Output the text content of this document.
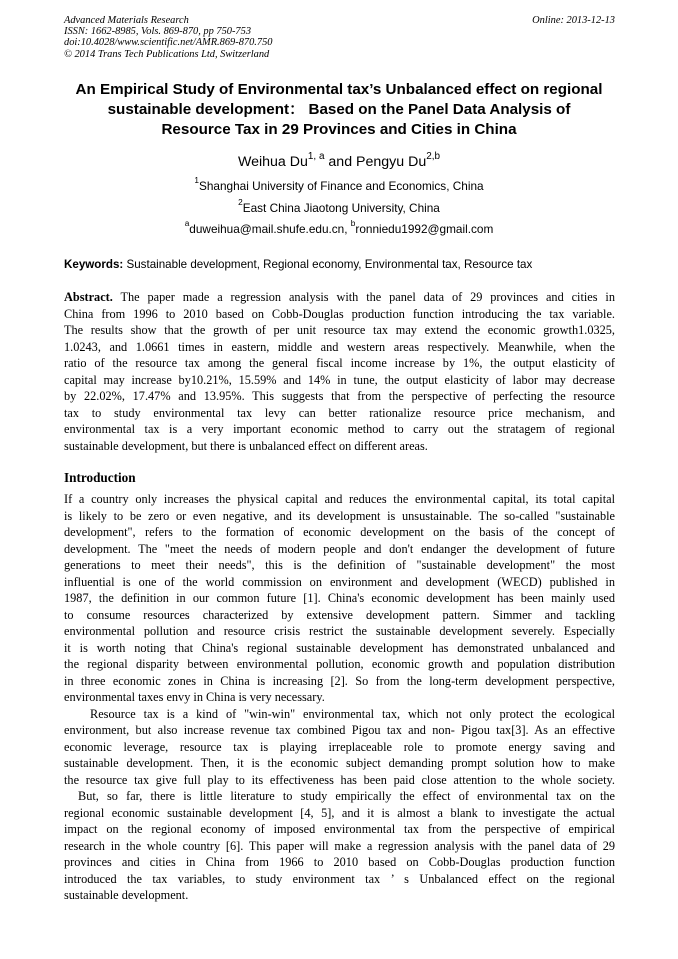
Advanced Materials Research
ISSN: 1662-8985, Vols. 869-870, pp 750-753
doi:10.4028/www.scientific.net/AMR.869-870.750
© 2014 Trans Tech Publications Ltd, Switzerland
Online: 2013-12-13
An Empirical Study of Environmental tax’s Unbalanced effect on regional
sustainable development： Based on the Panel Data Analysis of
Resource Tax in 29 Provinces and Cities in China
Weihua Du$^{1, a}$ and Pengyu Du$^{2,b}$
$^1$Shanghai University of Finance and Economics, China
$^2$East China Jiaotong University, China
$^a$duweihua@mail.shufe.edu.cn, $^b$ronniedu1992@gmail.com
Keywords: Sustainable development, Regional economy, Environmental tax, Resource tax
Abstract. The paper made a regression analysis with the panel data of 29 provinces and cities in
China from 1996 to 2010 based on Cobb-Douglas production function introducing the tax variable.
The results show that the growth of per unit resource tax may extend the economic growth1.0325,
1.0243, and 1.0661 times in eastern, middle and western areas respectively. Meanwhile, when the
ratio of the resource tax among the general fiscal income increase by 1%, the output elasticity of
capital may increase by10.21%, 15.59% and 14% in tune, the output elasticity of labor may decrease
by 22.02%, 17.47% and 13.95%. This suggests that from the perspective of perfecting the resource
tax to study environmental tax levy can better rationalize resource price mechanism, and
environmental tax is a very important economic method to carry out the stratagem of regional
sustainable development, but there is unbalanced effect on different areas.
Introduction
If a country only increases the physical capital and reduces the environmental capital, its total capital
is likely to be zero or even negative, and its development is unsustainable. The so-called "sustainable
development", refers to the formation of economic development on the basis of the concept of
development. The "meet the needs of modern people and don't endanger the development of future
generations to meet their needs", this is the definition of "sustainable development" the most
influential is one of the world commission on environment and development (WECD) published in
1987, the definition in our common future [1]. China's economic development has been mainly used
to consume resources characterized by extensive development pattern. Simmer and tackling
environmental pollution and resource crisis restrict the sustainable development severely. Especially
it is worth noting that China's regional sustainable development has demonstrated unbalanced and
the regional disparity between environmental pollution, economic growth and population distribution
in three economic zones in China is increasing [2]. So from the long-term development perspective,
environmental taxes envy in China is very necessary.
Resource tax is a kind of "win-win" environmental tax, which not only protect the ecological
environment, but also increase revenue tax combined Pigou tax and non- Pigou tax[3]. As an effective
economic leverage, resource tax is playing irreplaceable role to promote energy saving and
sustainable development. Then, it is the economic subject demanding prompt solution how to make
the resource tax give full play to its effectiveness has been paid close attention to the whole society.
But, so far, there is little literature to study empirically the effect of environmental tax on the
regional economic sustainable development [4, 5], and it is almost a blank to investigate the actual
impact on the regional economy of imposed environmental tax from the perspective of empirical
research in the whole country [6]. This paper will make a regression analysis with the panel data of 29
provinces and cities in China from 1966 to 2010 based on Cobb-Douglas production function
introduced the tax variables, to study environment tax ’ s Unbalanced effect on the regional
sustainable development.
